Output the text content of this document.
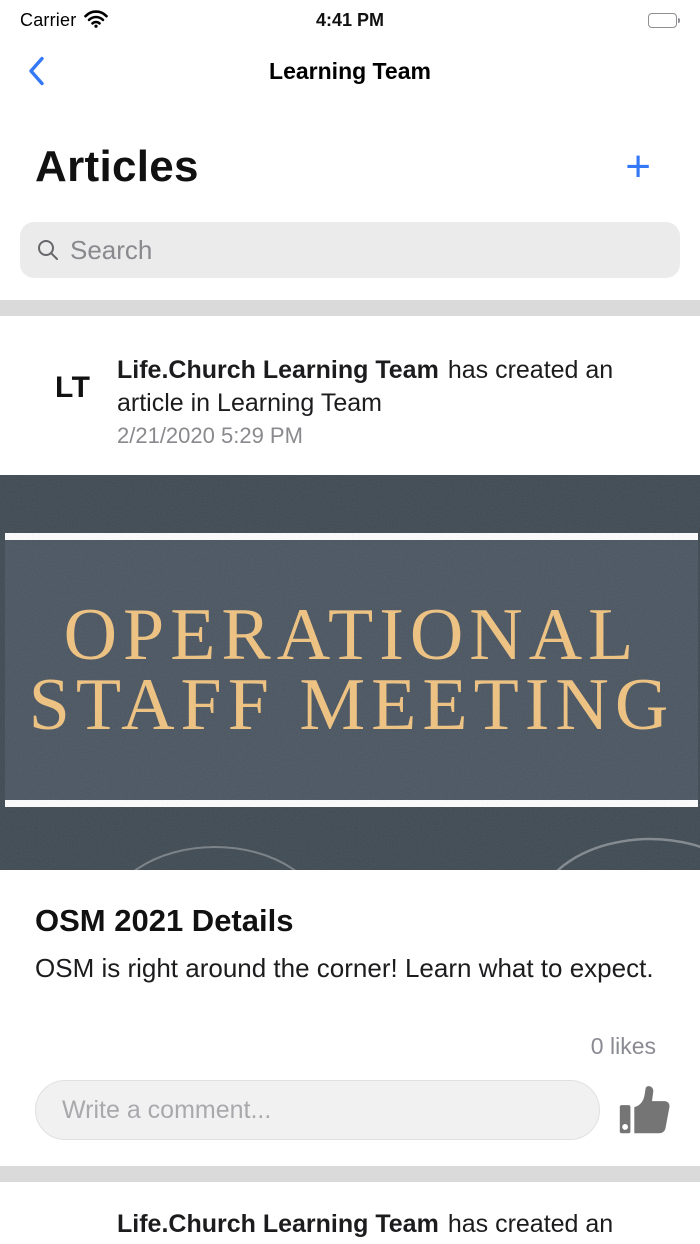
Carrier	4:41 PM
Learning Team
Articles	+
Search
LT
Life.Church Learning Team has created an article in Learning Team
2/21/2020 5:29 PM
OPERATIONAL
STAFF MEETING
OSM 2021 Details
OSM is right around the corner! Learn what to expect.
0 likes
Write a comment...
Life.Church Learning Team has created an
